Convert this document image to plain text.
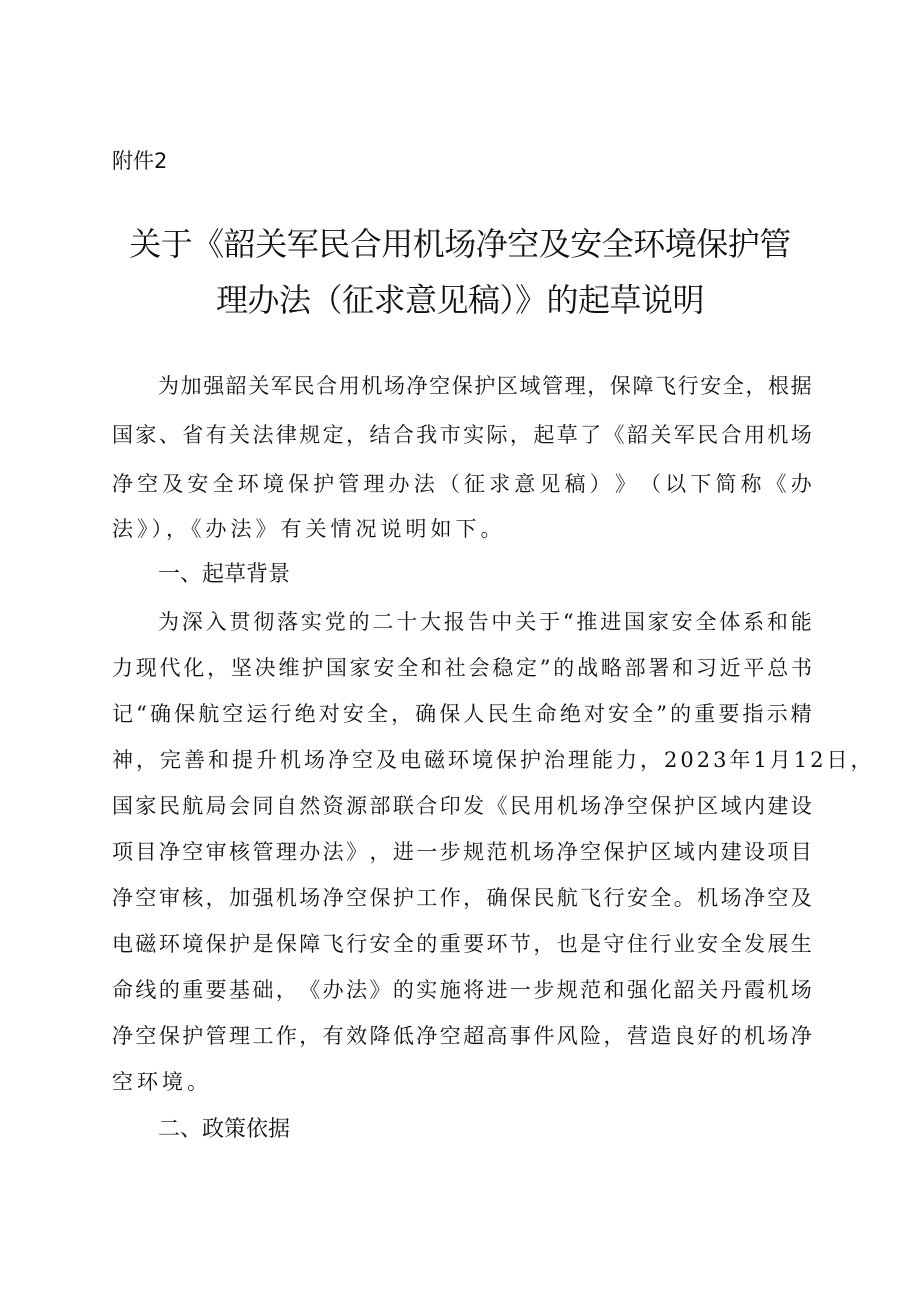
附件2
关于《韶关军民合用机场净空及安全环境保护管
理办法（征求意见稿）》的起草说明
为 加 强 韶 关 军 民 合 用 机 场 净 空 保 护 区 域 管 理 ， 保 障 飞 行 安 全 ， 根 据
国 家 、 省 有 关 法 律 规 定 ， 结 合 我 市 实 际 ， 起 草 了 《 韶 关 军 民 合 用 机 场
净 空 及 安 全 环 境 保 护 管 理 办 法 （ 征 求 意 见 稿 ） 》 （ 以 下 简 称 《 办
法》），《办法》有关情况说明如下。
一、起草背景
为 深 入 贯 彻 落 实 党 的 二 十 大 报 告 中 关 于 “ 推 进 国 家 安 全 体 系 和 能
力 现 代 化 ， 坚 决 维 护 国 家 安 全 和 社 会 稳 定 ” 的 战 略 部 署 和 习 近 平 总 书
记 “ 确 保 航 空 运 行 绝 对 安 全 ， 确 保 人 民 生 命 绝 对 安 全 ” 的 重 要 指 示 精
神，完善和提升机场净空及电磁环境保护治理能力，2023年1月12日，
国 家 民 航 局 会 同 自 然 资 源 部 联 合 印 发 《 民 用 机 场 净 空 保 护 区 域 内 建 设
项 目 净 空 审 核 管 理 办 法 》 ， 进 一 步 规 范 机 场 净 空 保 护 区 域 内 建 设 项 目
净 空 审 核 ， 加 强 机 场 净 空 保 护 工 作 ， 确 保 民 航 飞 行 安 全 。 机 场 净 空 及
电 磁 环 境 保 护 是 保 障 飞 行 安 全 的 重 要 环 节 ， 也 是 守 住 行 业 安 全 发 展 生
命 线 的 重 要 基 础 ， 《 办 法 》 的 实 施 将 进 一 步 规 范 和 强 化 韶 关 丹 霞 机 场
净 空 保 护 管 理 工 作 ， 有 效 降 低 净 空 超 高 事 件 风 险 ， 营 造 良 好 的 机 场 净
空环境。
二、政策依据
